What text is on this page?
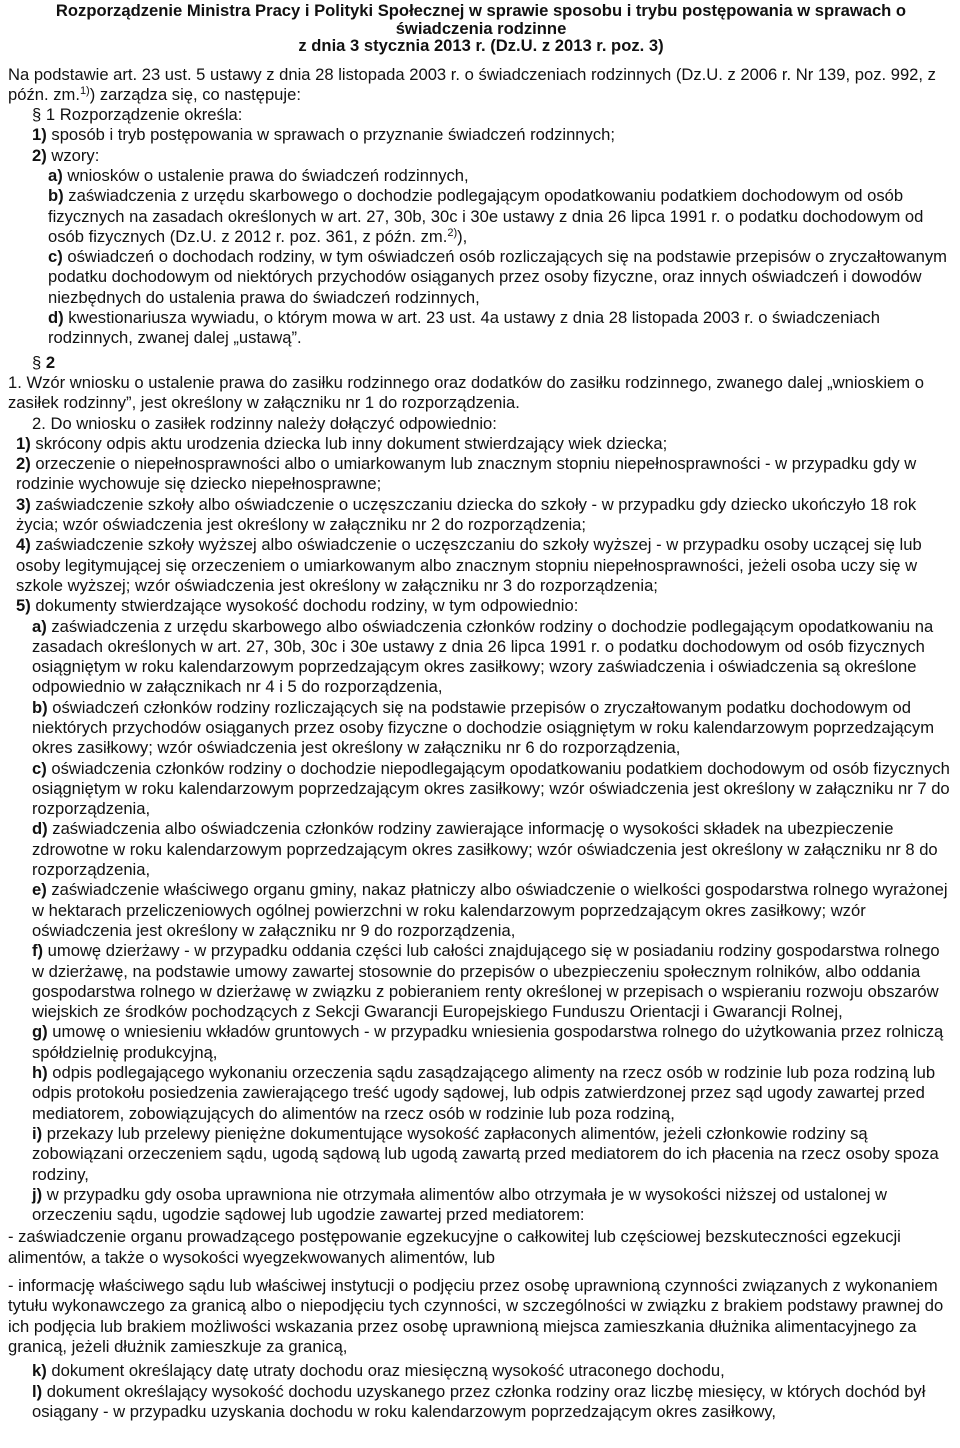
Rozporządzenie Ministra Pracy i Polityki Społecznej w sprawie sposobu i trybu postępowania w sprawach o świadczenia rodzinne
z dnia 3 stycznia 2013 r. (Dz.U. z 2013 r. poz. 3)

Na podstawie art. 23 ust. 5 ustawy z dnia 28 listopada 2003 r. o świadczeniach rodzinnych (Dz.U. z 2006 r. Nr 139, poz. 992, z późn. zm.$^{1)}$) zarządza się, co następuje:

§ 1 Rozporządzenie określa:

1) sposób i tryb postępowania w sprawach o przyznanie świadczeń rodzinnych;

2) wzory:

a) wniosków o ustalenie prawa do świadczeń rodzinnych,

b) zaświadczenia z urzędu skarbowego o dochodzie podlegającym opodatkowaniu podatkiem dochodowym od osób fizycznych na zasadach określonych w art. 27, 30b, 30c i 30e ustawy z dnia 26 lipca 1991 r. o podatku dochodowym od osób fizycznych (Dz.U. z 2012 r. poz. 361, z późn. zm.$^{2)}$),

c) oświadczeń o dochodach rodziny, w tym oświadczeń osób rozliczających się na podstawie przepisów o zryczałtowanym podatku dochodowym od niektórych przychodów osiąganych przez osoby fizyczne, oraz innych oświadczeń i dowodów niezbędnych do ustalenia prawa do świadczeń rodzinnych,

d) kwestionariusza wywiadu, o którym mowa w art. 23 ust. 4a ustawy z dnia 28 listopada 2003 r. o świadczeniach rodzinnych, zwanej dalej „ustawą”.

§ 2

1. Wzór wniosku o ustalenie prawa do zasiłku rodzinnego oraz dodatków do zasiłku rodzinnego, zwanego dalej „wnioskiem o zasiłek rodzinny”, jest określony w załączniku nr 1 do rozporządzenia.

2. Do wniosku o zasiłek rodzinny należy dołączyć odpowiednio:

1) skrócony odpis aktu urodzenia dziecka lub inny dokument stwierdzający wiek dziecka;

2) orzeczenie o niepełnosprawności albo o umiarkowanym lub znacznym stopniu niepełnosprawności - w przypadku gdy w rodzinie wychowuje się dziecko niepełnosprawne;

3) zaświadczenie szkoły albo oświadczenie o uczęszczaniu dziecka do szkoły - w przypadku gdy dziecko ukończyło 18 rok życia; wzór oświadczenia jest określony w załączniku nr 2 do rozporządzenia;

4) zaświadczenie szkoły wyższej albo oświadczenie o uczęszczaniu do szkoły wyższej - w przypadku osoby uczącej się lub osoby legitymującej się orzeczeniem o umiarkowanym albo znacznym stopniu niepełnosprawności, jeżeli osoba uczy się w szkole wyższej; wzór oświadczenia jest określony w załączniku nr 3 do rozporządzenia;

5) dokumenty stwierdzające wysokość dochodu rodziny, w tym odpowiednio:

a) zaświadczenia z urzędu skarbowego albo oświadczenia członków rodziny o dochodzie podlegającym opodatkowaniu na zasadach określonych w art. 27, 30b, 30c i 30e ustawy z dnia 26 lipca 1991 r. o podatku dochodowym od osób fizycznych osiągniętym w roku kalendarzowym poprzedzającym okres zasiłkowy; wzory zaświadczenia i oświadczenia są określone odpowiednio w załącznikach nr 4 i 5 do rozporządzenia,

b) oświadczeń członków rodziny rozliczających się na podstawie przepisów o zryczałtowanym podatku dochodowym od niektórych przychodów osiąganych przez osoby fizyczne o dochodzie osiągniętym w roku kalendarzowym poprzedzającym okres zasiłkowy; wzór oświadczenia jest określony w załączniku nr 6 do rozporządzenia,

c) oświadczenia członków rodziny o dochodzie niepodlegającym opodatkowaniu podatkiem dochodowym od osób fizycznych osiągniętym w roku kalendarzowym poprzedzającym okres zasiłkowy; wzór oświadczenia jest określony w załączniku nr 7 do rozporządzenia,

d) zaświadczenia albo oświadczenia członków rodziny zawierające informację o wysokości składek na ubezpieczenie zdrowotne w roku kalendarzowym poprzedzającym okres zasiłkowy; wzór oświadczenia jest określony w załączniku nr 8 do rozporządzenia,

e) zaświadczenie właściwego organu gminy, nakaz płatniczy albo oświadczenie o wielkości gospodarstwa rolnego wyrażonej w hektarach przeliczeniowych ogólnej powierzchni w roku kalendarzowym poprzedzającym okres zasiłkowy; wzór oświadczenia jest określony w załączniku nr 9 do rozporządzenia,

f) umowę dzierżawy - w przypadku oddania części lub całości znajdującego się w posiadaniu rodziny gospodarstwa rolnego w dzierżawę, na podstawie umowy zawartej stosownie do przepisów o ubezpieczeniu społecznym rolników, albo oddania gospodarstwa rolnego w dzierżawę w związku z pobieraniem renty określonej w przepisach o wspieraniu rozwoju obszarów wiejskich ze środków pochodzących z Sekcji Gwarancji Europejskiego Funduszu Orientacji i Gwarancji Rolnej,

g) umowę o wniesieniu wkładów gruntowych - w przypadku wniesienia gospodarstwa rolnego do użytkowania przez rolniczą spółdzielnię produkcyjną,

h) odpis podlegającego wykonaniu orzeczenia sądu zasądzającego alimenty na rzecz osób w rodzinie lub poza rodziną lub odpis protokołu posiedzenia zawierającego treść ugody sądowej, lub odpis zatwierdzonej przez sąd ugody zawartej przed mediatorem, zobowiązujących do alimentów na rzecz osób w rodzinie lub poza rodziną,

i) przekazy lub przelewy pieniężne dokumentujące wysokość zapłaconych alimentów, jeżeli członkowie rodziny są zobowiązani orzeczeniem sądu, ugodą sądową lub ugodą zawartą przed mediatorem do ich płacenia na rzecz osoby spoza rodziny,

j) w przypadku gdy osoba uprawniona nie otrzymała alimentów albo otrzymała je w wysokości niższej od ustalonej w orzeczeniu sądu, ugodzie sądowej lub ugodzie zawartej przed mediatorem:

- zaświadczenie organu prowadzącego postępowanie egzekucyjne o całkowitej lub częściowej bezskuteczności egzekucji alimentów, a także o wysokości wyegzekwowanych alimentów, lub

- informację właściwego sądu lub właściwej instytucji o podjęciu przez osobę uprawnioną czynności związanych z wykonaniem tytułu wykonawczego za granicą albo o niepodjęciu tych czynności, w szczególności w związku z brakiem podstawy prawnej do ich podjęcia lub brakiem możliwości wskazania przez osobę uprawnioną miejsca zamieszkania dłużnika alimentacyjnego za granicą, jeżeli dłużnik zamieszkuje za granicą,

k) dokument określający datę utraty dochodu oraz miesięczną wysokość utraconego dochodu,

l) dokument określający wysokość dochodu uzyskanego przez członka rodziny oraz liczbę miesięcy, w których dochód był osiągany - w przypadku uzyskania dochodu w roku kalendarzowym poprzedzającym okres zasiłkowy,
